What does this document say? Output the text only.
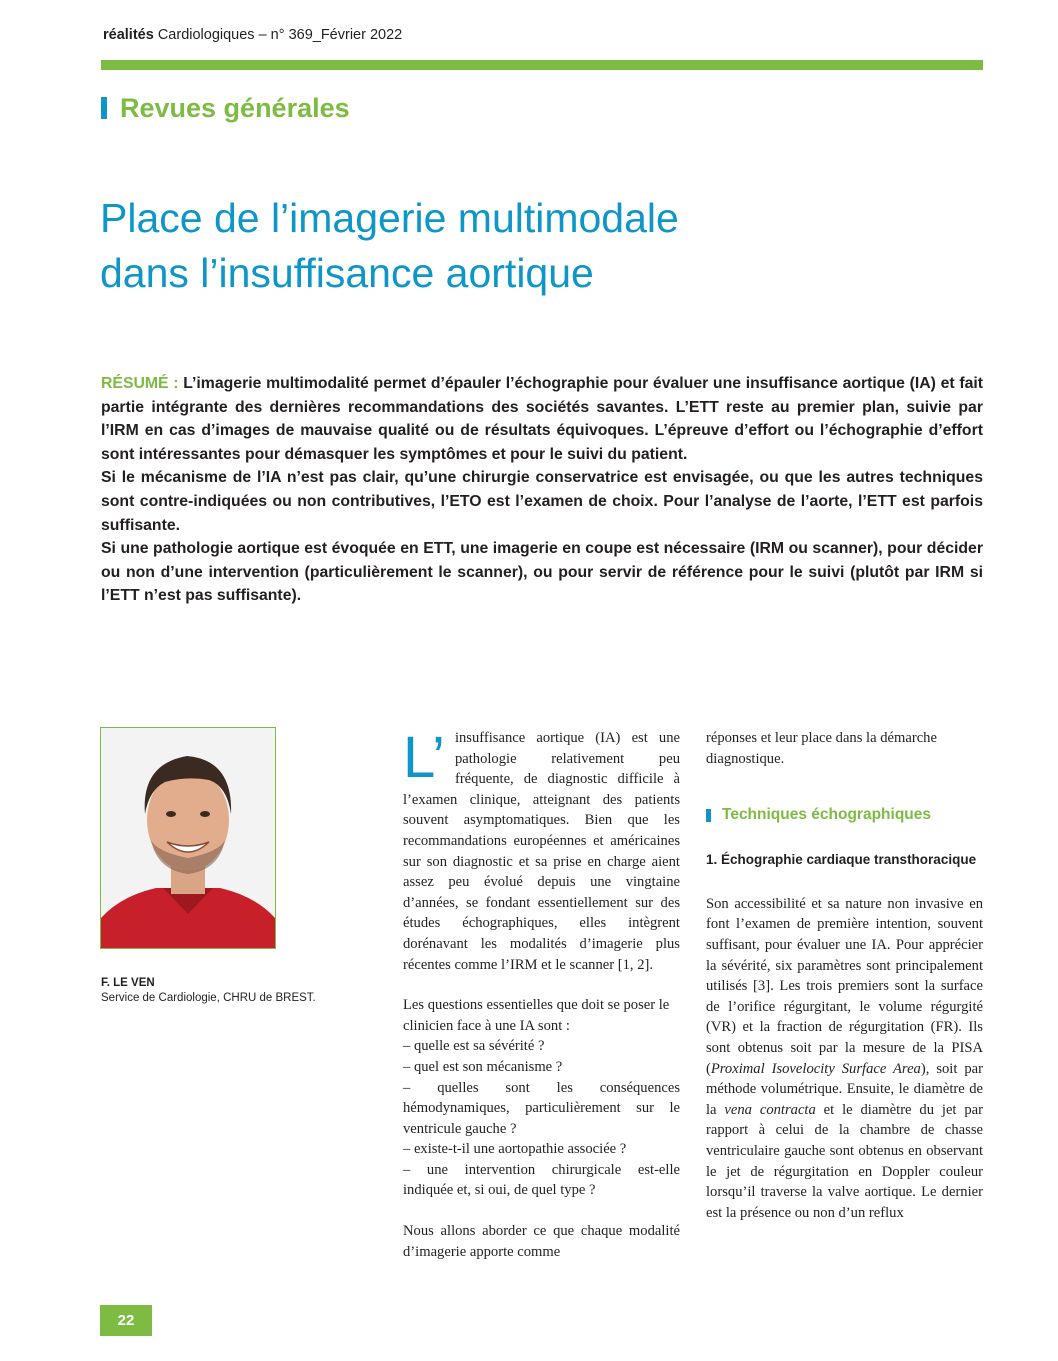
réalités Cardiologiques – n° 369_Février 2022
Revues générales
Place de l’imagerie multimodale
dans l’insuffisance aortique

RÉSUMÉ : L’imagerie multimodalité permet d’épauler l’échographie pour évaluer une insuffisance aortique (IA) et fait partie intégrante des dernières recommandations des sociétés savantes. L’ETT reste au premier plan, suivie par l’IRM en cas d’images de mauvaise qualité ou de résultats équivoques. L’épreuve d’effort ou l’échographie d’effort sont intéressantes pour démasquer les symptômes et pour le suivi du patient.

Si le mécanisme de l’IA n’est pas clair, qu’une chirurgie conservatrice est envisagée, ou que les autres techniques sont contre-indiquées ou non contributives, l’ETO est l’examen de choix. Pour l’analyse de l’aorte, l’ETT est parfois suffisante.

Si une pathologie aortique est évoquée en ETT, une imagerie en coupe est nécessaire (IRM ou scanner), pour décider ou non d’une intervention (particulièrement le scanner), ou pour servir de référence pour le suivi (plutôt par IRM si l’ETT n’est pas suffisante).

F. LE VEN
Service de Cardiologie, CHRU de BREST.

L’ insuffisance aortique (IA) est une pathologie relativement peu fréquente, de diagnostic difficile à l’examen clinique, atteignant des patients souvent asymptomatiques. Bien que les recommandations européennes et américaines sur son diagnostic et sa prise en charge aient assez peu évolué depuis une vingtaine d’années, se fondant essentiellement sur des études échographiques, elles intègrent dorénavant les modalités d’imagerie plus récentes comme l’IRM et le scanner [1, 2].

Les questions essentielles que doit se poser le clinicien face à une IA sont :

– quelle est sa sévérité ?

– quel est son mécanisme ?

– quelles sont les conséquences hémodynamiques, particulièrement sur le ventricule gauche ?

– existe-t-il une aortopathie associée ?

– une intervention chirurgicale est-elle indiquée et, si oui, de quel type ?

Nous allons aborder ce que chaque modalité d’imagerie apporte comme

réponses et leur place dans la démarche diagnostique.

Techniques échographiques
1. Échographie cardiaque transthoracique

Son accessibilité et sa nature non invasive en font l’examen de première intention, souvent suffisant, pour évaluer une IA. Pour apprécier la sévérité, six paramètres sont principalement utilisés [3]. Les trois premiers sont la surface de l’orifice régurgitant, le volume régurgité (VR) et la fraction de régurgitation (FR). Ils sont obtenus soit par la mesure de la PISA (Proximal Isovelocity Surface Area), soit par méthode volumétrique. Ensuite, le diamètre de la vena contracta et le diamètre du jet par rapport à celui de la chambre de chasse ventriculaire gauche sont obtenus en observant le jet de régurgitation en Doppler couleur lorsqu’il traverse la valve aortique. Le dernier est la présence ou non d’un reflux

22
